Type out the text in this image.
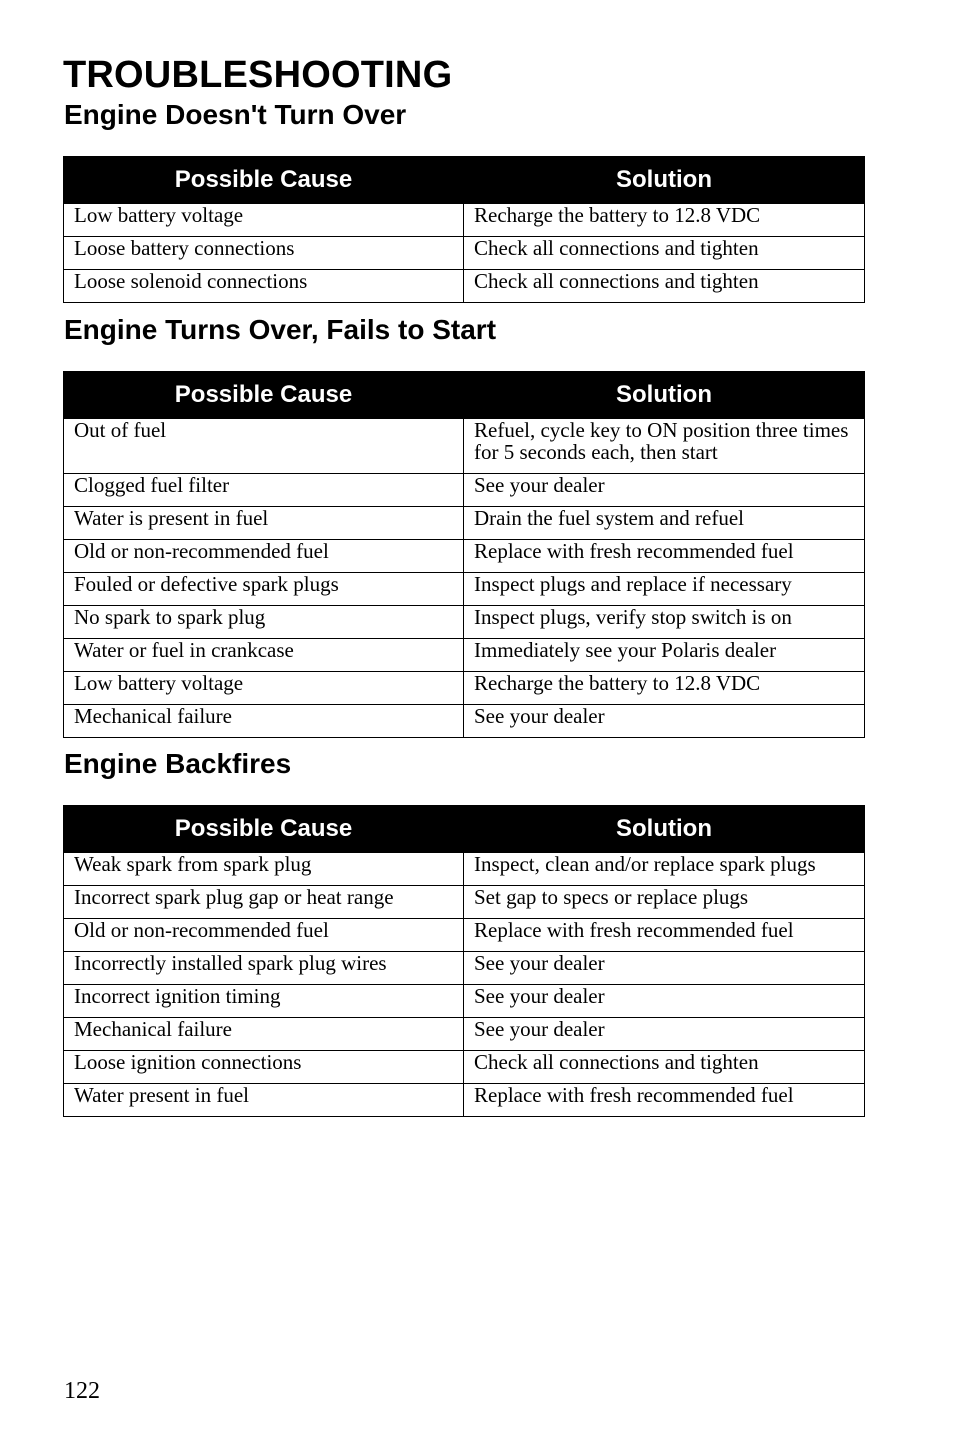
TROUBLESHOOTING
Engine Doesn't Turn Over
Possible Cause	Solution
Low battery voltage	Recharge the battery to 12.8 VDC
Loose battery connections	Check all connections and tighten
Loose solenoid connections	Check all connections and tighten
Engine Turns Over, Fails to Start
Possible Cause	Solution
Out of fuel	Refuel, cycle key to ON position three times for 5 seconds each, then start
Clogged fuel filter	See your dealer
Water is present in fuel	Drain the fuel system and refuel
Old or non-recommended fuel	Replace with fresh recommended fuel
Fouled or defective spark plugs	Inspect plugs and replace if necessary
No spark to spark plug	Inspect plugs, verify stop switch is on
Water or fuel in crankcase	Immediately see your Polaris dealer
Low battery voltage	Recharge the battery to 12.8 VDC
Mechanical failure	See your dealer
Engine Backfires
Possible Cause	Solution
Weak spark from spark plug	Inspect, clean and/or replace spark plugs
Incorrect spark plug gap or heat range	Set gap to specs or replace plugs
Old or non-recommended fuel	Replace with fresh recommended fuel
Incorrectly installed spark plug wires	See your dealer
Incorrect ignition timing	See your dealer
Mechanical failure	See your dealer
Loose ignition connections	Check all connections and tighten
Water present in fuel	Replace with fresh recommended fuel
122
